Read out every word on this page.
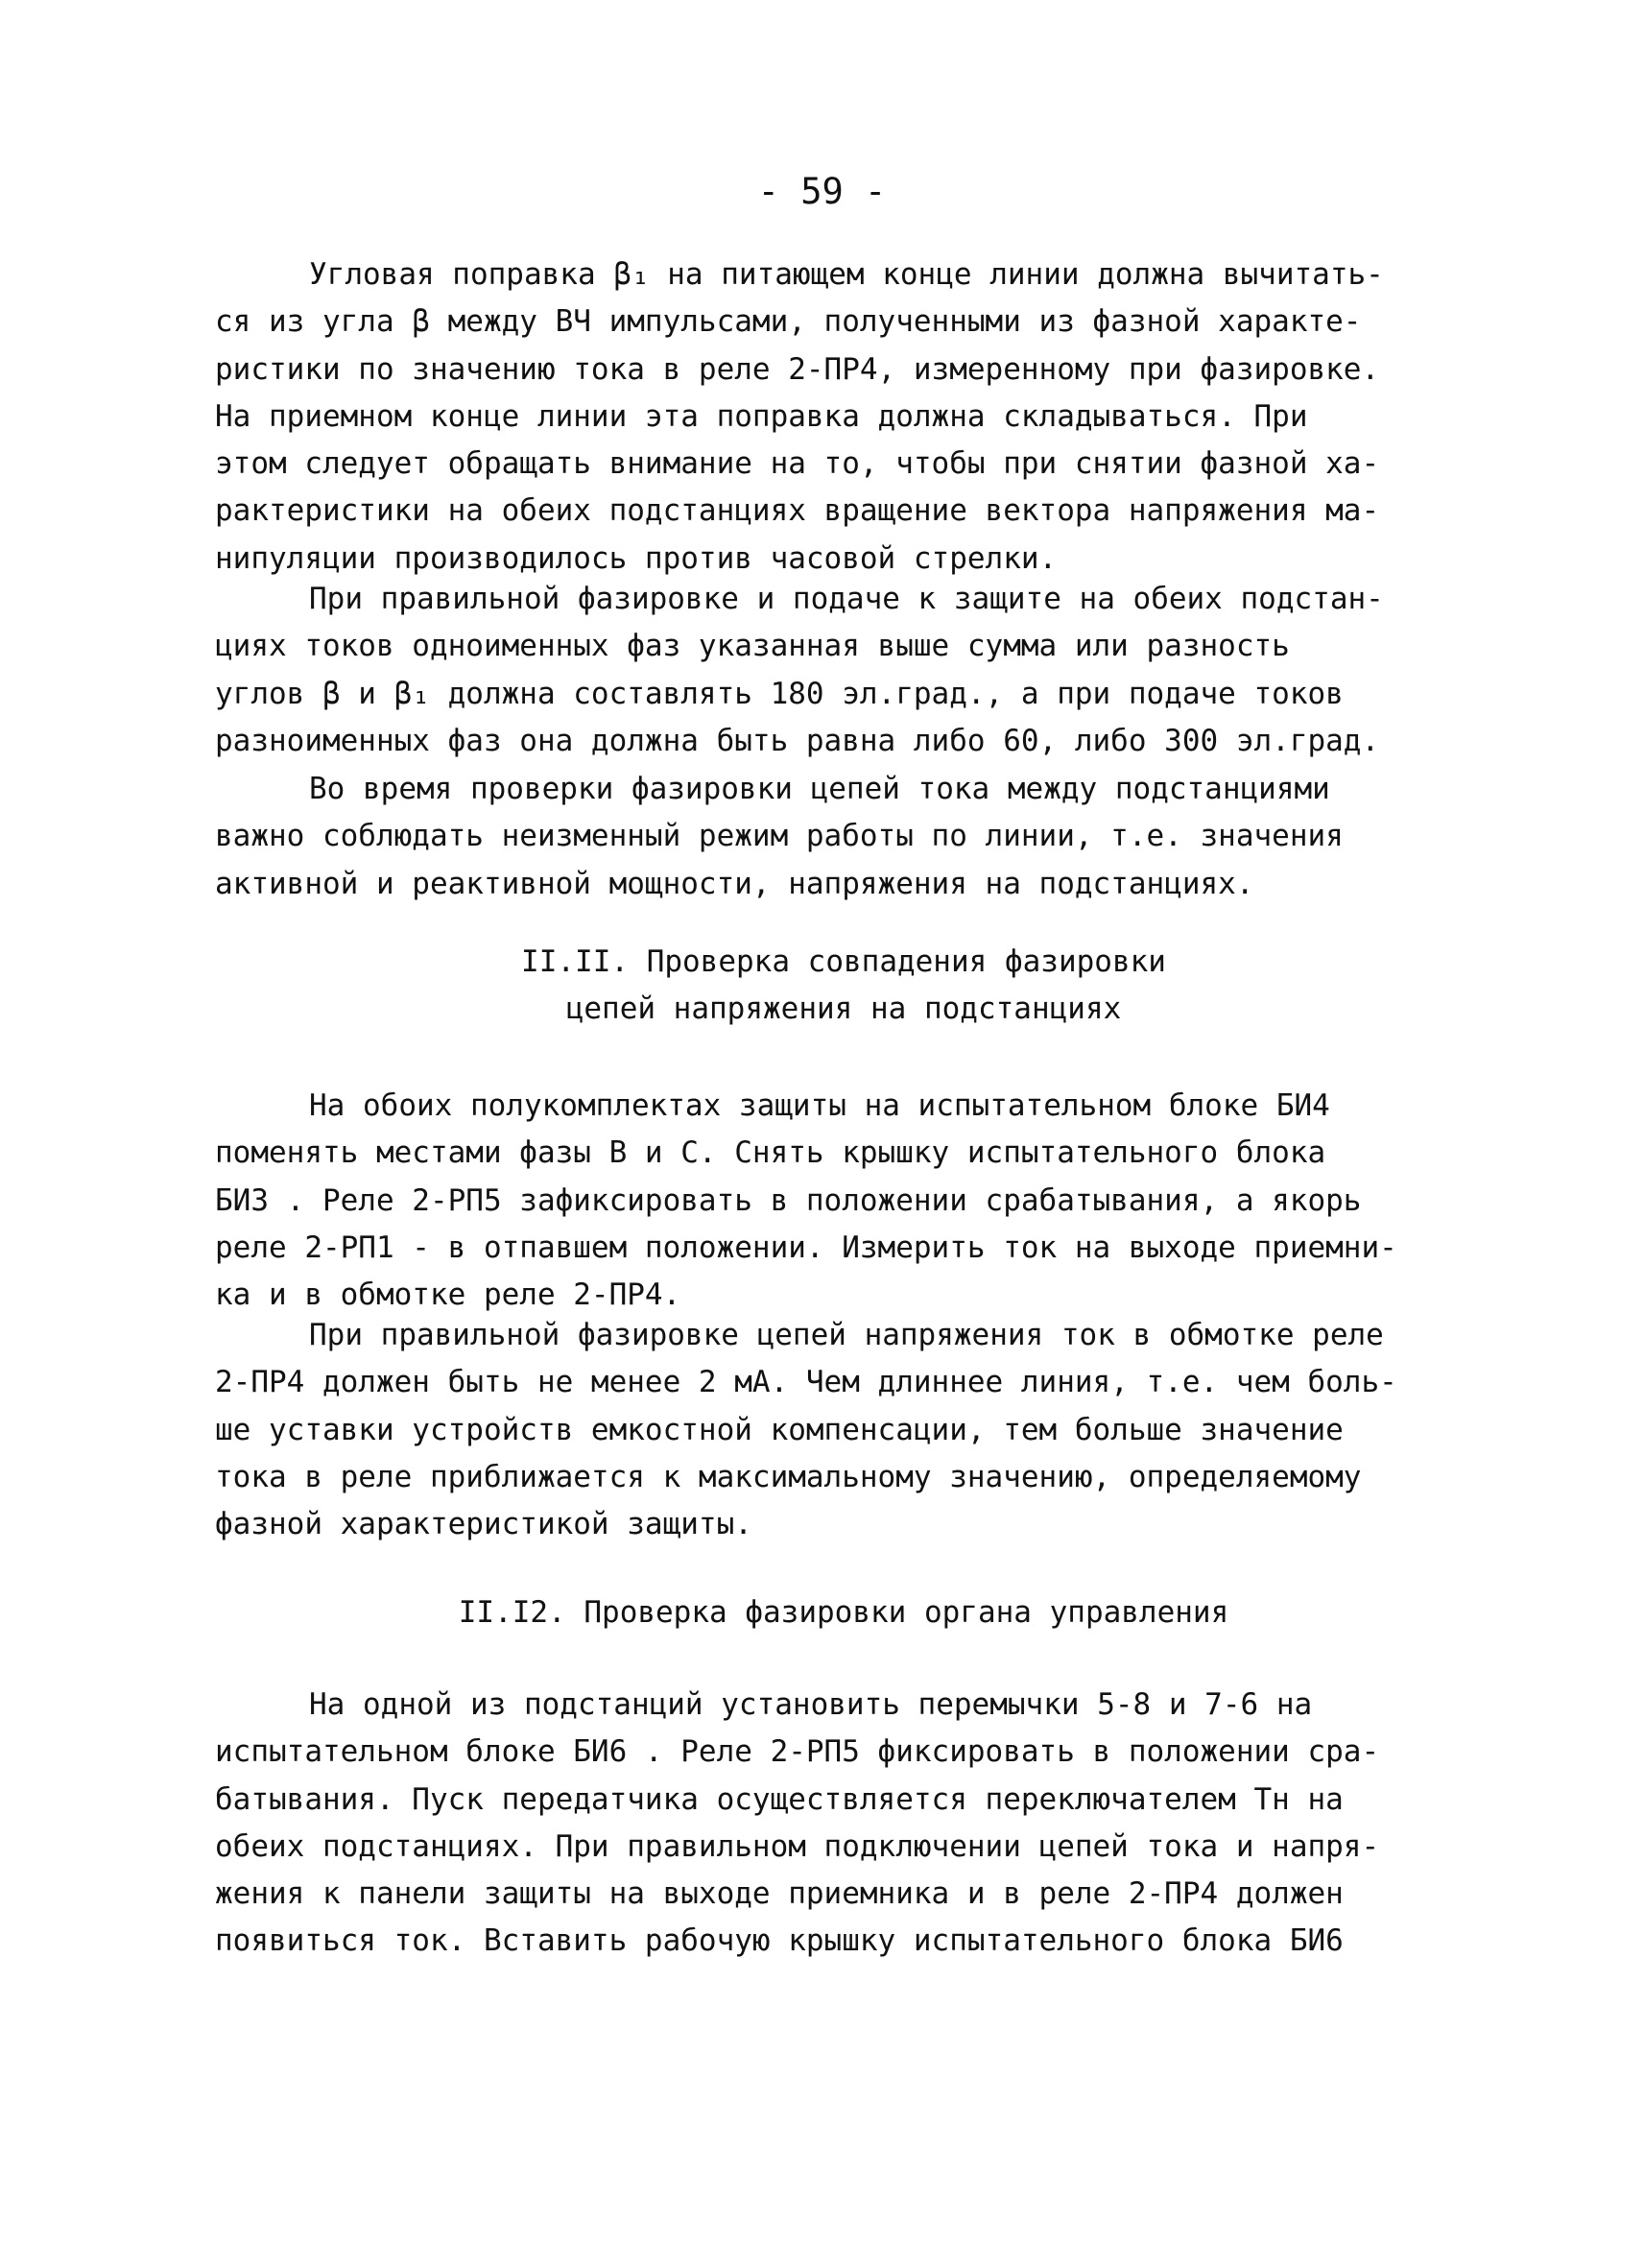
- 59 -
Угловая поправка β₁ на питающем конце линии должна вычитать-
ся из угла β между ВЧ импульсами, полученными из фазной характе-
ристики по значению тока в реле 2-ПР4, измеренному при фазировке.
На приемном конце линии эта поправка должна складываться. При
этом следует обращать внимание на то, чтобы при снятии фазной ха-
рактеристики на обеих подстанциях вращение вектора напряжения ма-
нипуляции производилось против часовой стрелки.
При правильной фазировке и подаче к защите на обеих подстан-
циях токов одноименных фаз указанная выше сумма или разность
углов β и β₁ должна составлять 180 эл.град., а при подаче токов
разноименных фаз она должна быть равна либо 60, либо 300 эл.град.
Во время проверки фазировки цепей тока между подстанциями
важно соблюдать неизменный режим работы по линии, т.е. значения
активной и реактивной мощности, напряжения на подстанциях.
II.II. Проверка совпадения фазировки
цепей напряжения на подстанциях
На обоих полукомплектах защиты на испытательном блоке БИ4
поменять местами фазы В и С. Снять крышку испытательного блока
БИ3 . Реле 2-РП5 зафиксировать в положении срабатывания, а якорь
реле 2-РП1 - в отпавшем положении. Измерить ток на выходе приемни-
ка и в обмотке реле 2-ПР4.
При правильной фазировке цепей напряжения ток в обмотке реле
2-ПР4 должен быть не менее 2 мА. Чем длиннее линия, т.е. чем боль-
ше уставки устройств емкостной компенсации, тем больше значение
тока в реле приближается к максимальному значению, определяемому
фазной характеристикой защиты.
II.I2. Проверка фазировки органа управления
На одной из подстанций установить перемычки 5-8 и 7-6 на
испытательном блоке БИ6 . Реле 2-РП5 фиксировать в положении сра-
батывания. Пуск передатчика осуществляется переключателем Тн на
обеих подстанциях. При правильном подключении цепей тока и напря-
жения к панели защиты на выходе приемника и в реле 2-ПР4 должен
появиться ток. Вставить рабочую крышку испытательного блока БИ6
